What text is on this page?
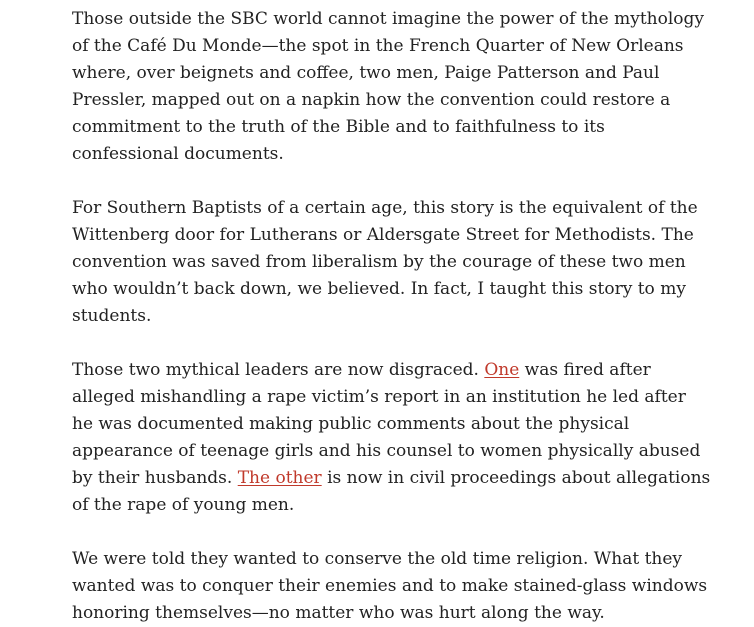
Those outside the SBC world cannot imagine the power of the mythology of the Café Du Monde—the spot in the French Quarter of New Orleans where, over beignets and coffee, two men, Paige Patterson and Paul Pressler, mapped out on a napkin how the convention could restore a commitment to the truth of the Bible and to faithfulness to its confessional documents.

For Southern Baptists of a certain age, this story is the equivalent of the Wittenberg door for Lutherans or Aldersgate Street for Methodists. The convention was saved from liberalism by the courage of these two men who wouldn’t back down, we believed. In fact, I taught this story to my students.

Those two mythical leaders are now disgraced. One was fired after alleged mishandling a rape victim’s report in an institution he led after he was documented making public comments about the physical appearance of teenage girls and his counsel to women physically abused by their husbands. The other is now in civil proceedings about allegations of the rape of young men.

We were told they wanted to conserve the old time religion. What they wanted was to conquer their enemies and to make stained-glass windows honoring themselves—no matter who was hurt along the way.
